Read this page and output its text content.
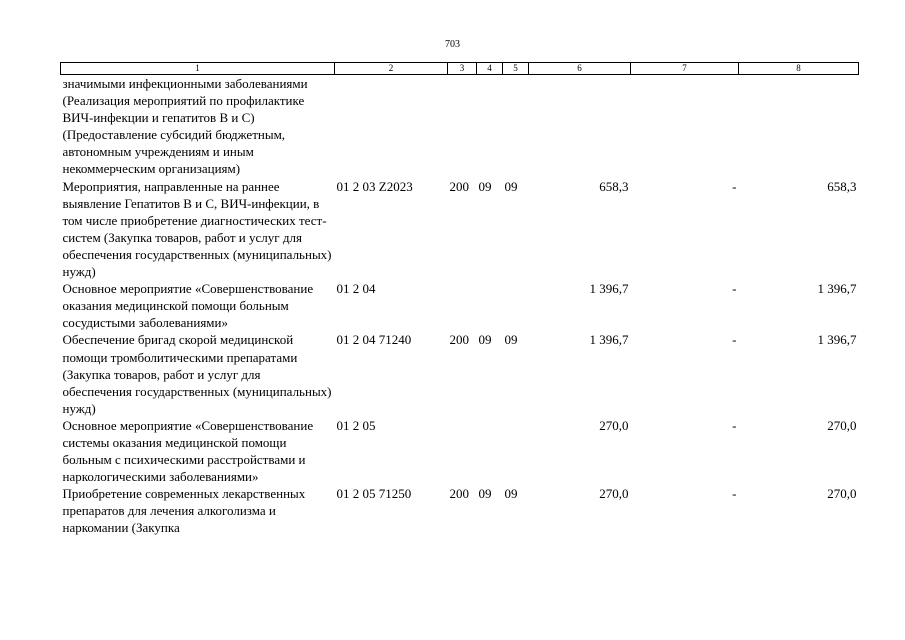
703
1	2	3	4	5	6	7	8
значимыми инфекционными заболеваниями (Реализация мероприятий по профилактике ВИЧ-инфекции и гепатитов В и С) (Предоставление субсидий бюджетным, автономным учреждениям и иным некоммерческим организациям)							
Мероприятия, направленные на раннее выявление Гепатитов В и С, ВИЧ-инфекции, в том числе приобретение диагностических тест-систем (Закупка товаров, работ и услуг для обеспечения государственных (муниципальных) нужд)	01 2 03 Z2023	200	09	09	658,3	-	658,3
Основное мероприятие «Совершенствование оказания медицинской помощи больным сосудистыми заболеваниями»	01 2 04				1 396,7	-	1 396,7
Обеспечение бригад скорой медицинской помощи тромболитическими препаратами (Закупка товаров, работ и услуг для обеспечения государственных (муниципальных) нужд)	01 2 04 71240	200	09	09	1 396,7	-	1 396,7
Основное мероприятие «Совершенствование системы оказания медицинской помощи больным с психическими расстройствами и наркологическими заболеваниями»	01 2 05				270,0	-	270,0
Приобретение современных лекарственных препаратов для лечения алкоголизма и наркомании (Закупка	01 2 05 71250	200	09	09	270,0	-	270,0
